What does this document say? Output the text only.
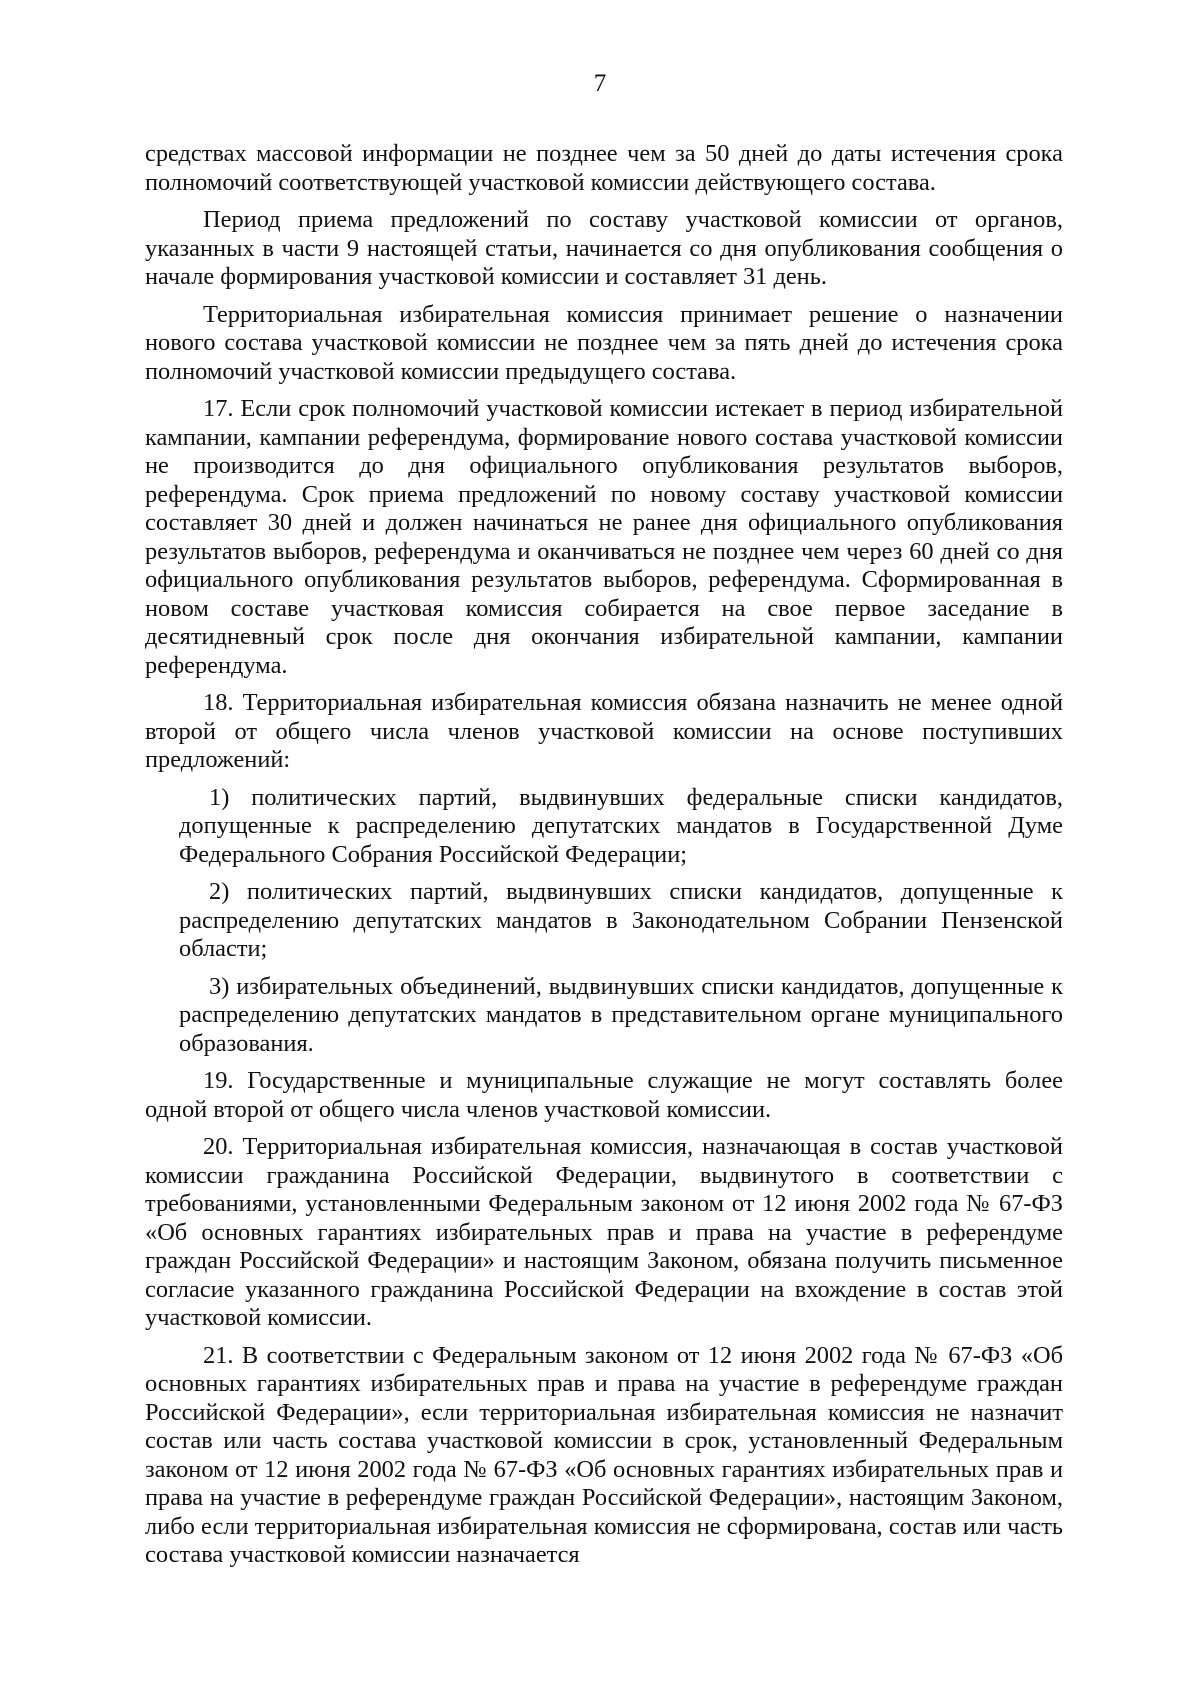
7

средствах массовой информации не позднее чем за 50 дней до даты истечения срока полномочий соответствующей участковой комиссии действующего состава.

Период приема предложений по составу участковой комиссии от органов, указанных в части 9 настоящей статьи, начинается со дня опубликования сообщения о начале формирования участковой комиссии и составляет 31 день.

Территориальная избирательная комиссия принимает решение о назначении нового состава участковой комиссии не позднее чем за пять дней до истечения срока полномочий участковой комиссии предыдущего состава.

17. Если срок полномочий участковой комиссии истекает в период избирательной кампании, кампании референдума, формирование нового состава участковой комиссии не производится до дня официального опубликования результатов выборов, референдума. Срок приема предложений по новому составу участковой комиссии составляет 30 дней и должен начинаться не ранее дня официального опубликования результатов выборов, референдума и оканчиваться не позднее чем через 60 дней со дня официального опубликования результатов выборов, референдума. Сформированная в новом составе участковая комиссия собирается на свое первое заседание в десятидневный срок после дня окончания избирательной кампании, кампании референдума.

18. Территориальная избирательная комиссия обязана назначить не менее одной второй от общего числа членов участковой комиссии на основе поступивших предложений:

1) политических партий, выдвинувших федеральные списки кандидатов, допущенные к распределению депутатских мандатов в Государственной Думе Федерального Собрания Российской Федерации;

2) политических партий, выдвинувших списки кандидатов, допущенные к распределению депутатских мандатов в Законодательном Собрании Пензенской области;

3) избирательных объединений, выдвинувших списки кандидатов, допущенные к распределению депутатских мандатов в представительном органе муниципального образования.

19. Государственные и муниципальные служащие не могут составлять более одной второй от общего числа членов участковой комиссии.

20. Территориальная избирательная комиссия, назначающая в состав участковой комиссии гражданина Российской Федерации, выдвинутого в соответствии с требованиями, установленными Федеральным законом от 12 июня 2002 года № 67-ФЗ «Об основных гарантиях избирательных прав и права на участие в референдуме граждан Российской Федерации» и настоящим Законом, обязана получить письменное согласие указанного гражданина Российской Федерации на вхождение в состав этой участковой комиссии.

21. В соответствии с Федеральным законом от 12 июня 2002 года № 67-ФЗ «Об основных гарантиях избирательных прав и права на участие в референдуме граждан Российской Федерации», если территориальная избирательная комиссия не назначит состав или часть состава участковой комиссии в срок, установленный Федеральным законом от 12 июня 2002 года № 67-ФЗ «Об основных гарантиях избирательных прав и права на участие в референдуме граждан Российской Федерации», настоящим Законом, либо если территориальная избирательная комиссия не сформирована, состав или часть состава участковой комиссии назначается
